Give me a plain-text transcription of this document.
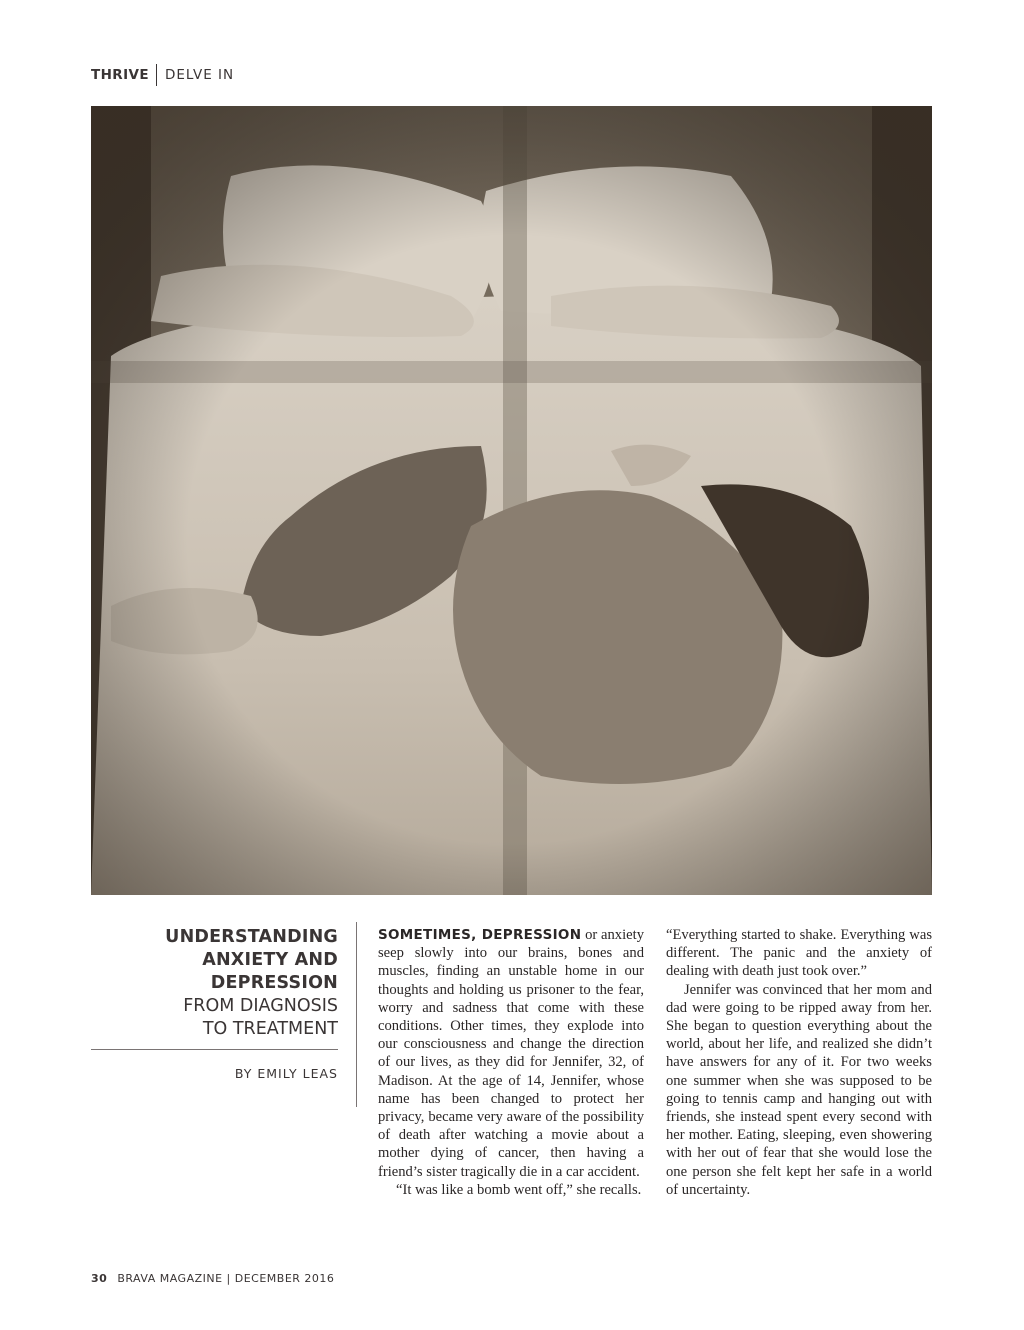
THRIVE DELVE IN
UNDERSTANDING
ANXIETY AND
DEPRESSION
FROM DIAGNOSIS
TO TREATMENT
BY EMILY LEAS

SOMETIMES, DEPRESSION or anxiety seep slowly into our brains, bones and muscles, finding an unstable home in our thoughts and holding us prisoner to the fear, worry and sadness that come with these conditions. Other times, they explode into our consciousness and change the direction of our lives, as they did for Jennifer, 32, of Madison. At the age of 14, Jennifer, whose name has been changed to protect her privacy, became very aware of the possibility of death after watching a movie about a mother dying of cancer, then having a friend’s sister tragically die in a car accident.

“It was like a bomb went off,” she recalls.

“Everything started to shake. Everything was different. The panic and the anxiety of dealing with death just took over.”

Jennifer was convinced that her mom and dad were going to be ripped away from her. She began to question everything about the world, about her life, and realized she didn’t have answers for any of it. For two weeks one summer when she was supposed to be going to tennis camp and hanging out with friends, she instead spent every second with her mother. Eating, sleeping, even showering with her out of fear that she would lose the one person she felt kept her safe in a world of uncertainty.

30 BRAVA MAGAZINE | DECEMBER 2016
